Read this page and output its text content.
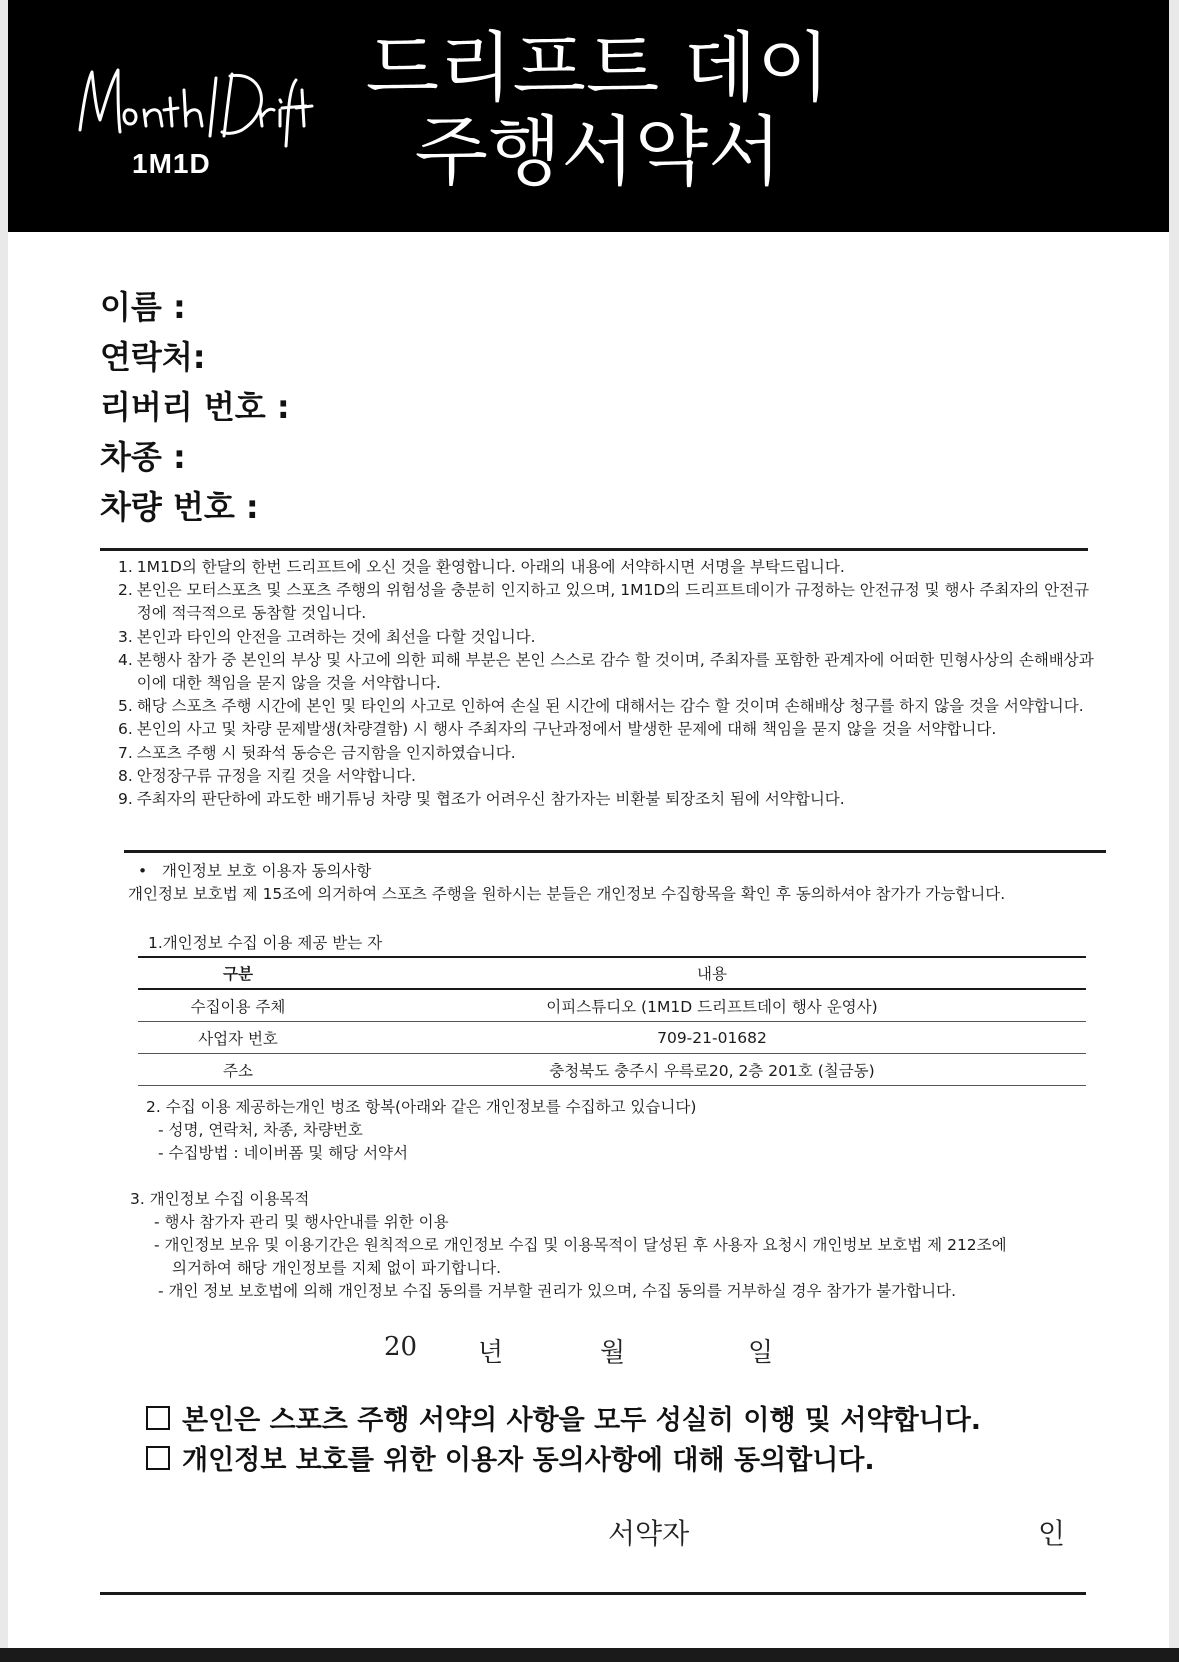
1M1D
드리프트 데이
주행서약서
이름 :
연락처:
리버리 번호 :
차종 :
차량 번호 :
1. 1M1D의 한달의 한번 드리프트에 오신 것을 환영합니다. 아래의 내용에 서약하시면 서명을 부탁드립니다.
2. 본인은 모터스포츠 및 스포츠 주행의 위험성을 충분히 인지하고 있으며, 1M1D의 드리프트데이가 규정하는 안전규정 및 행사 주최자의 안전규정에 적극적으로 동참할 것입니다.
3. 본인과 타인의 안전을 고려하는 것에 최선을 다할 것입니다.
4. 본행사 참가 중 본인의 부상 및 사고에 의한 피해 부분은 본인 스스로 감수 할 것이며, 주최자를 포함한 관계자에 어떠한 민형사상의 손해배상과 이에 대한 책임을 묻지 않을 것을 서약합니다.
5. 해당 스포츠 주행 시간에 본인 및 타인의 사고로 인하여 손실 된 시간에 대해서는 감수 할 것이며 손해배상 청구를 하지 않을 것을 서약합니다.
6. 본인의 사고 및 차량 문제발생(차량결함) 시 행사 주최자의 구난과정에서 발생한 문제에 대해 책임을 묻지 않을 것을 서약합니다.
7. 스포츠 주행 시 뒷좌석 동승은 금지함을 인지하였습니다.
8. 안정장구류 규정을 지킬 것을 서약합니다.
9. 주최자의 판단하에 과도한 배기튜닝 차량 및 협조가 어려우신 참가자는 비환불 퇴장조치 됨에 서약합니다.
• 개인정보 보호 이용자 동의사항
개인정보 보호법 제 15조에 의거하여 스포츠 주행을 원하시는 분들은 개인정보 수집항목을 확인 후 동의하셔야 참가가 가능합니다.
1.개인정보 수집 이용 제공 받는 자
구분	내용
수집이용 주체	이피스튜디오 (1M1D 드리프트데이 행사 운영사)
사업자 번호	709-21-01682
주소	충청북도 충주시 우륵로20, 2층 201호 (칠금동)
2. 수집 이용 제공하는개인 벙조 항복(아래와 같은 개인정보를 수집하고 있습니다)
- 성명, 연락처, 차종, 차량번호
- 수집방법 : 네이버폼 및 해당 서약서
3. 개인정보 수집 이용목적
- 행사 참가자 관리 및 행사안내를 위한 이용
- 개인정보 보유 및 이용기간은 원칙적으로 개인정보 수집 및 이용목적이 달성된 후 사용자 요청시 개인벙보 보호법 제 212조에
의거하여 해당 개인정보를 지체 없이 파기합니다.
- 개인 정보 보호법에 의해 개인정보 수집 동의를 거부할 권리가 있으며, 수집 동의를 거부하실 경우 참가가 불가합니다.
20 년	월	일
본인은 스포츠 주행 서약의 사항을 모두 성실히 이행 및 서약합니다.
개인정보 보호를 위한 이용자 동의사항에 대해 동의합니다.
서약자	인
